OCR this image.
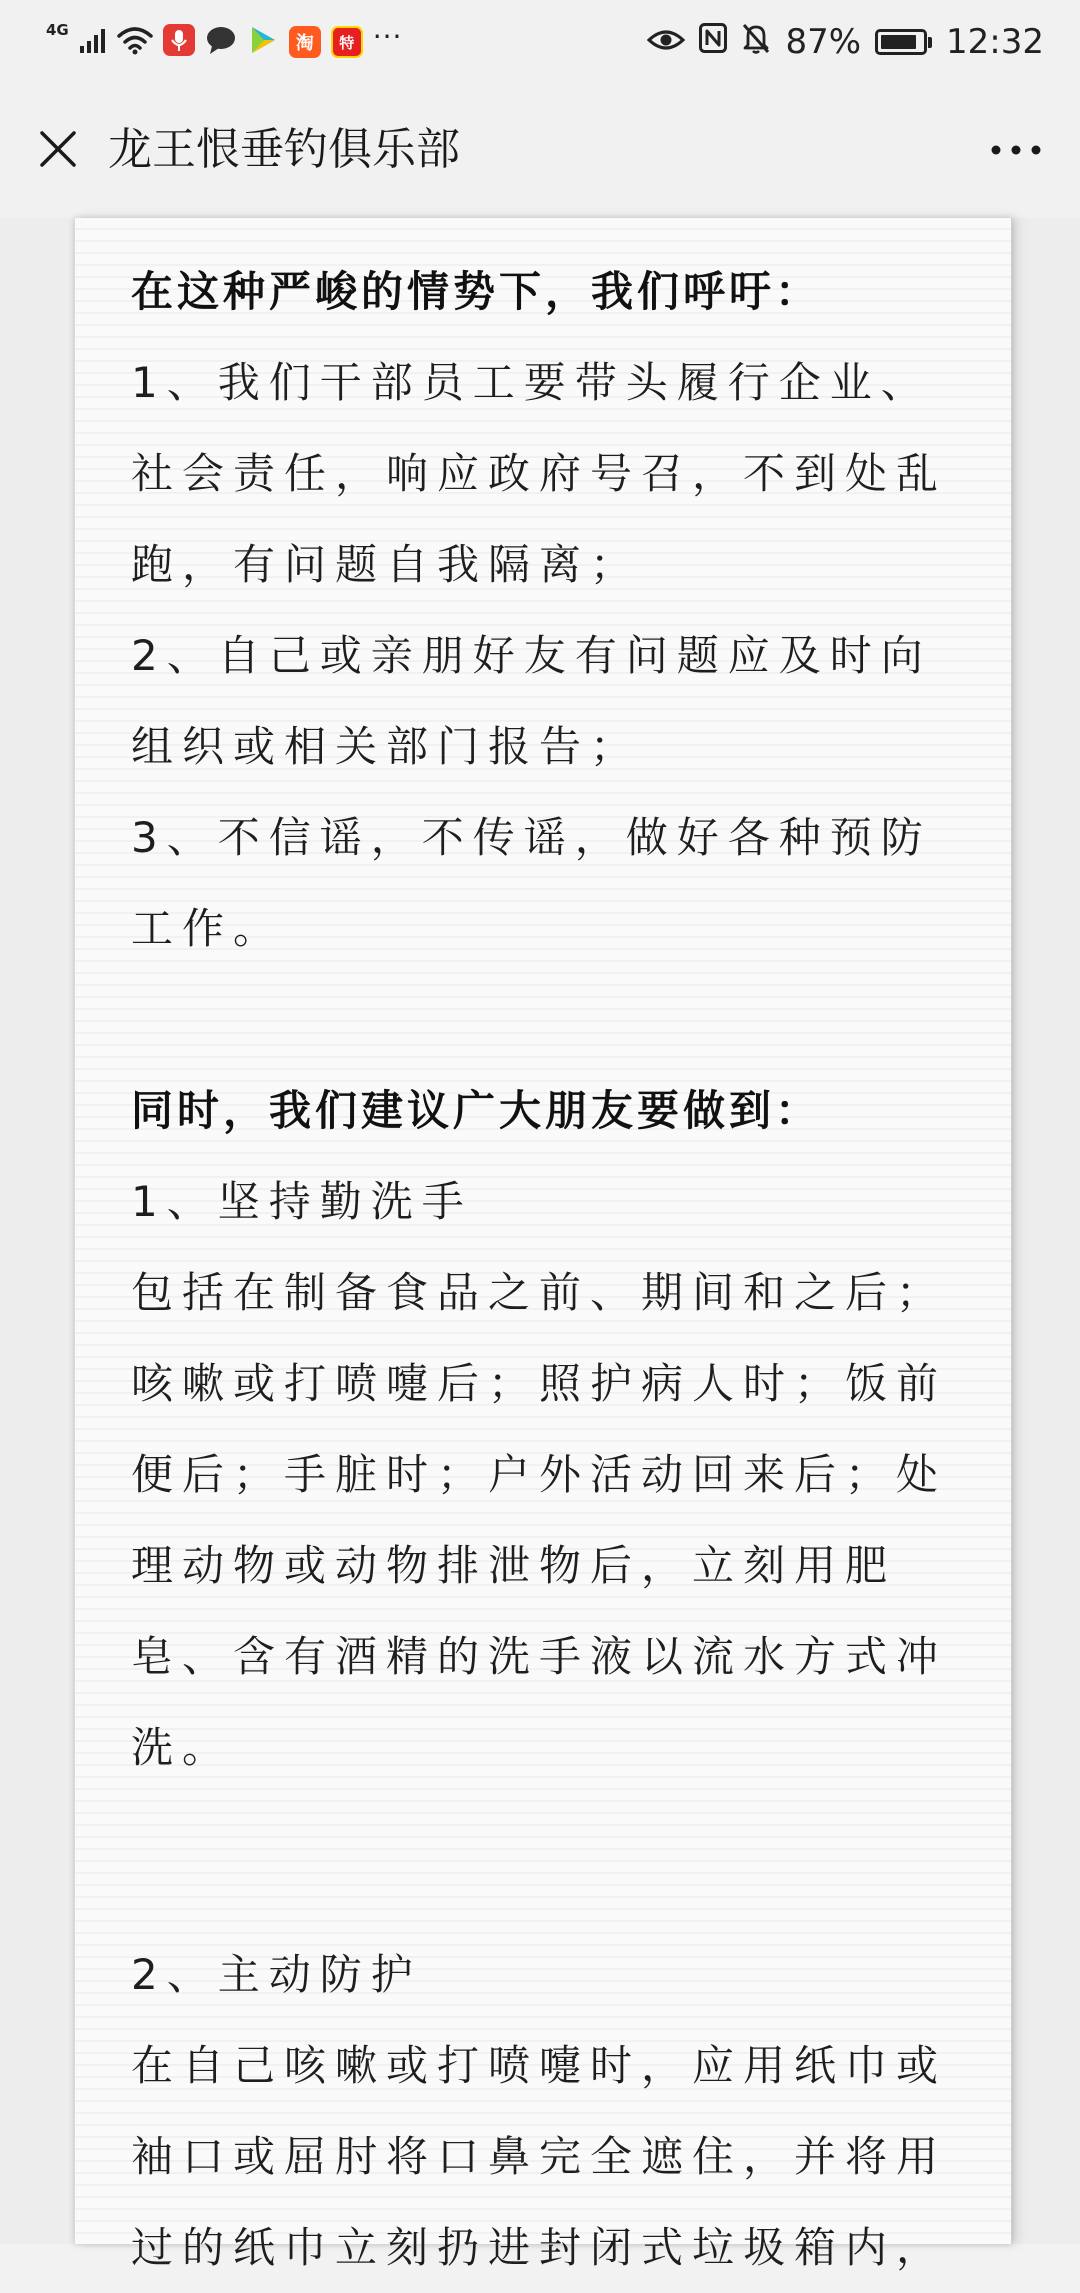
4G
淘	特 ···	87%	12:32
龙王恨垂钓俱乐部

在这种严峻的情势下，我们呼吁：

1、我们干部员工要带头履行企业、社会责任，响应政府号召，不到处乱跑，有问题自我隔离；

2、自己或亲朋好友有问题应及时向组织或相关部门报告；

3、不信谣，不传谣，做好各种预防工作。

同时，我们建议广大朋友要做到：

1、坚持勤洗手

包括在制备食品之前、期间和之后；咳嗽或打喷嚏后；照护病人时；饭前便后；手脏时；户外活动回来后；处理动物或动物排泄物后，立刻用肥皂、含有酒精的洗手液以流水方式冲洗。

2、主动防护

在自己咳嗽或打喷嚏时，应用纸巾或袖口或屈肘将口鼻完全遮住，并将用过的纸巾立刻扔进封闭式垃圾箱内，
